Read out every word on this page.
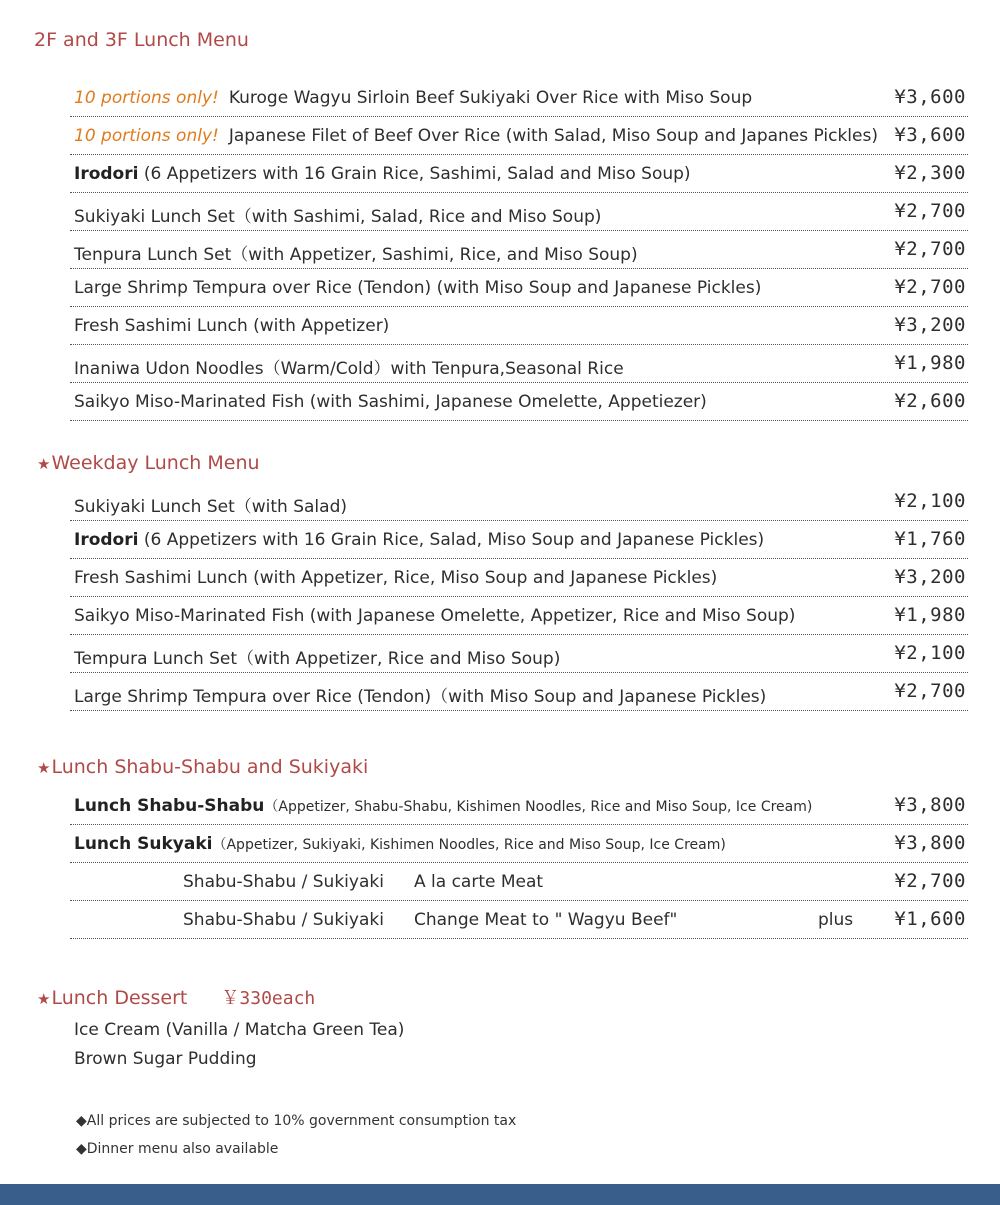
2F and 3F Lunch Menu
10 portions only! Kuroge Wagyu Sirloin Beef Sukiyaki Over Rice with Miso Soup	¥3,600
10 portions only! Japanese Filet of Beef Over Rice (with Salad, Miso Soup and Japanes Pickles) ¥3,600
Irodori (6 Appetizers with 16 Grain Rice, Sashimi, Salad and Miso Soup)	¥2,300
Sukiyaki Lunch Set（with Sashimi, Salad, Rice and Miso Soup)	¥2,700
Tenpura Lunch Set（with Appetizer, Sashimi, Rice, and Miso Soup)	¥2,700
Large Shrimp Tempura over Rice (Tendon) (with Miso Soup and Japanese Pickles)	¥2,700
Fresh Sashimi Lunch (with Appetizer)	¥3,200
Inaniwa Udon Noodles（Warm/Cold）with Tenpura,Seasonal Rice	¥1,980
Saikyo Miso-Marinated Fish (with Sashimi, Japanese Omelette, Appetiezer)	¥2,600
★Weekday Lunch Menu
Sukiyaki Lunch Set（with Salad)	¥2,100
Irodori (6 Appetizers with 16 Grain Rice, Salad, Miso Soup and Japanese Pickles)	¥1,760
Fresh Sashimi Lunch (with Appetizer, Rice, Miso Soup and Japanese Pickles)	¥3,200
Saikyo Miso-Marinated Fish (with Japanese Omelette, Appetizer, Rice and Miso Soup)	¥1,980
Tempura Lunch Set（with Appetizer, Rice and Miso Soup)	¥2,100
Large Shrimp Tempura over Rice (Tendon)（with Miso Soup and Japanese Pickles)	¥2,700
★Lunch Shabu-Shabu and Sukiyaki
Lunch Shabu-Shabu（Appetizer, Shabu-Shabu, Kishimen Noodles, Rice and Miso Soup, Ice Cream)	¥3,800
Lunch Sukyaki（Appetizer, Sukiyaki, Kishimen Noodles, Rice and Miso Soup, Ice Cream)	¥3,800
Shabu-Shabu / Sukiyaki A la carte Meat	¥2,700
Shabu-Shabu / Sukiyaki Change Meat to " Wagyu Beef"	plus ¥1,600
★Lunch Dessert ￥330each
Ice Cream (Vanilla / Matcha Green Tea)
Brown Sugar Pudding
◆All prices are subjected to 10% government consumption tax
◆Dinner menu also available
